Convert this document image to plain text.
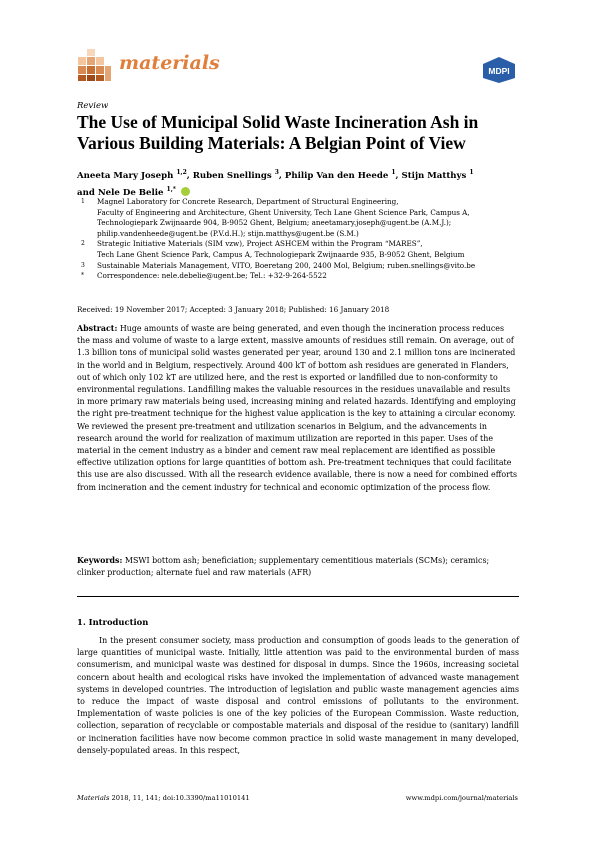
materials	MDPI
Review
The Use of Municipal Solid Waste Incineration Ash in
Various Building Materials: A Belgian Point of View
Aneeta Mary Joseph $^{1,2}$, Ruben Snellings $^3$, Philip Van den Heede $^1$, Stijn Matthys $^1$
and Nele De Belie $^{1,*}$
1 Magnel Laboratory for Concrete Research, Department of Structural Engineering,
Faculty of Engineering and Architecture, Ghent University, Tech Lane Ghent Science Park, Campus A,
Technologiepark Zwijnaarde 904, B-9052 Ghent, Belgium; aneetamary.joseph@ugent.be (A.M.J.);
philip.vandenheede@ugent.be (P.V.d.H.); stijn.matthys@ugent.be (S.M.)
2 Strategic Initiative Materials (SIM vzw), Project ASHCEM within the Program “MARES”,
Tech Lane Ghent Science Park, Campus A, Technologiepark Zwijnaarde 935, B-9052 Ghent, Belgium
3 Sustainable Materials Management, VITO, Boeretang 200, 2400 Mol, Belgium; ruben.snellings@vito.be
* Correspondence: nele.debelie@ugent.be; Tel.: +32-9-264-5522
Received: 19 November 2017; Accepted: 3 January 2018; Published: 16 January 2018
Abstract: Huge amounts of waste are being generated, and even though the incineration process reduces the mass and volume of waste to a large extent, massive amounts of residues still remain. On average, out of 1.3 billion tons of municipal solid wastes generated per year, around 130 and 2.1 million tons are incinerated in the world and in Belgium, respectively. Around 400 kT of bottom ash residues are generated in Flanders, out of which only 102 kT are utilized here, and the rest is exported or landfilled due to non-conformity to environmental regulations. Landfilling makes the valuable resources in the residues unavailable and results in more primary raw materials being used, increasing mining and related hazards. Identifying and employing the right pre-treatment technique for the highest value application is the key to attaining a circular economy. We reviewed the present pre-treatment and utilization scenarios in Belgium, and the advancements in research around the world for realization of maximum utilization are reported in this paper. Uses of the material in the cement industry as a binder and cement raw meal replacement are identified as possible effective utilization options for large quantities of bottom ash. Pre-treatment techniques that could facilitate this use are also discussed. With all the research evidence available, there is now a need for combined efforts from incineration and the cement industry for technical and economic optimization of the process flow.
Keywords: MSWI bottom ash; beneficiation; supplementary cementitious materials (SCMs); ceramics; clinker production; alternate fuel and raw materials (AFR)
1. Introduction
In the present consumer society, mass production and consumption of goods leads to the generation of large quantities of municipal waste. Initially, little attention was paid to the environmental burden of mass consumerism, and municipal waste was destined for disposal in dumps. Since the 1960s, increasing societal concern about health and ecological risks have invoked the implementation of advanced waste management systems in developed countries. The introduction of legislation and public waste management agencies aims to reduce the impact of waste disposal and control emissions of pollutants to the environment. Implementation of waste policies is one of the key policies of the European Commission. Waste reduction, collection, separation of recyclable or compostable materials and disposal of the residue to (sanitary) landfill or incineration facilities have now become common practice in solid waste management in many developed, densely-populated areas. In this respect,
Materials 2018, 11, 141; doi:10.3390/ma11010141	www.mdpi.com/journal/materials
